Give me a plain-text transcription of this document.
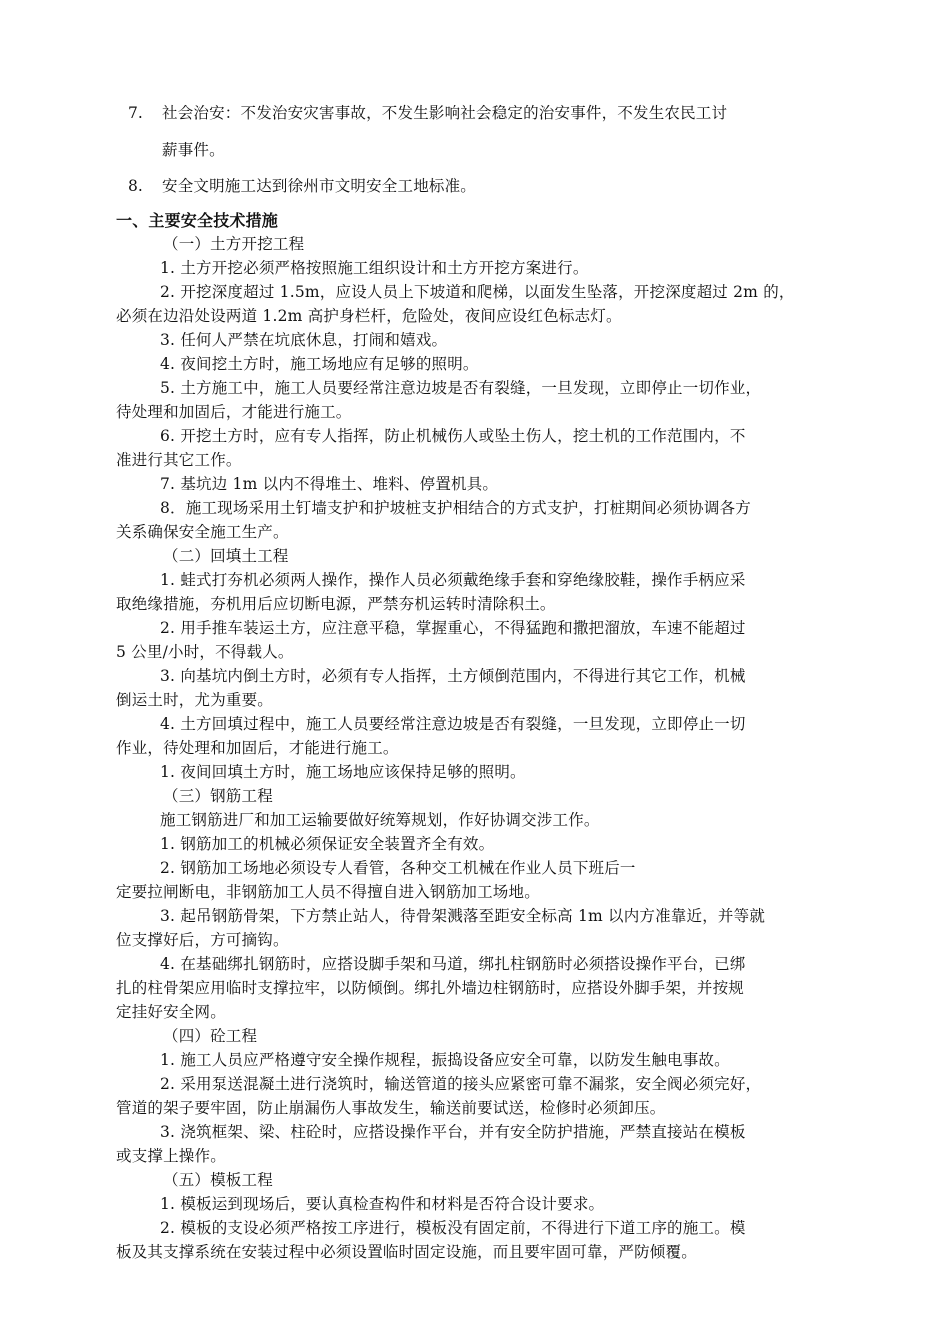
7. 社会治安：不发治安灾害事故，不发生影响社会稳定的治安事件，不发生农民工讨
薪事件。
8. 安全文明施工达到徐州市文明安全工地标准。
一、主要安全技术措施
（一）土方开挖工程
1. 土方开挖必须严格按照施工组织设计和土方开挖方案进行。
2. 开挖深度超过 1.5m，应设人员上下坡道和爬梯，以面发生坠落，开挖深度超过 2m 的，
必须在边沿处设两道 1.2m 高护身栏杆，危险处，夜间应设红色标志灯。
3. 任何人严禁在坑底休息，打闹和嬉戏。
4. 夜间挖土方时，施工场地应有足够的照明。
5. 土方施工中，施工人员要经常注意边坡是否有裂缝，一旦发现，立即停止一切作业，
待处理和加固后，才能进行施工。
6. 开挖土方时，应有专人指挥，防止机械伤人或坠土伤人，挖土机的工作范围内，不
准进行其它工作。
7. 基坑边 1m 以内不得堆土、堆料、停置机具。
8．施工现场采用土钉墙支护和护坡桩支护相结合的方式支护，打桩期间必须协调各方
关系确保安全施工生产。
（二）回填土工程
1. 蛙式打夯机必须两人操作，操作人员必须戴绝缘手套和穿绝缘胶鞋，操作手柄应采
取绝缘措施，夯机用后应切断电源，严禁夯机运转时清除积土。
2. 用手推车装运土方，应注意平稳，掌握重心，不得猛跑和撒把溜放，车速不能超过
5 公里/小时，不得载人。
3. 向基坑内倒土方时，必须有专人指挥，土方倾倒范围内，不得进行其它工作，机械
倒运土时，尤为重要。
4. 土方回填过程中，施工人员要经常注意边坡是否有裂缝，一旦发现，立即停止一切
作业，待处理和加固后，才能进行施工。
1. 夜间回填土方时，施工场地应该保持足够的照明。
（三）钢筋工程
施工钢筋进厂和加工运输要做好统筹规划，作好协调交涉工作。
1. 钢筋加工的机械必须保证安全装置齐全有效。
2. 钢筋加工场地必须设专人看管，各种交工机械在作业人员下班后一
定要拉闸断电，非钢筋加工人员不得擅自进入钢筋加工场地。
3. 起吊钢筋骨架，下方禁止站人，待骨架溅落至距安全标高 1m 以内方准靠近，并等就
位支撑好后，方可摘钩。
4. 在基础绑扎钢筋时，应搭设脚手架和马道，绑扎柱钢筋时必须搭设操作平台，已绑
扎的柱骨架应用临时支撑拉牢，以防倾倒。绑扎外墙边柱钢筋时，应搭设外脚手架，并按规
定挂好安全网。
（四）砼工程
1. 施工人员应严格遵守安全操作规程，振捣设备应安全可靠，以防发生触电事故。
2. 采用泵送混凝土进行浇筑时，输送管道的接头应紧密可靠不漏浆，安全阀必须完好，
管道的架子要牢固，防止崩漏伤人事故发生，输送前要试送，检修时必须卸压。
3. 浇筑框架、梁、柱砼时，应搭设操作平台，并有安全防护措施，严禁直接站在模板
或支撑上操作。
（五）模板工程
1. 模板运到现场后，要认真检查构件和材料是否符合设计要求。
2. 模板的支设必须严格按工序进行，模板没有固定前，不得进行下道工序的施工。模
板及其支撑系统在安装过程中必须设置临时固定设施，而且要牢固可靠，严防倾覆。
